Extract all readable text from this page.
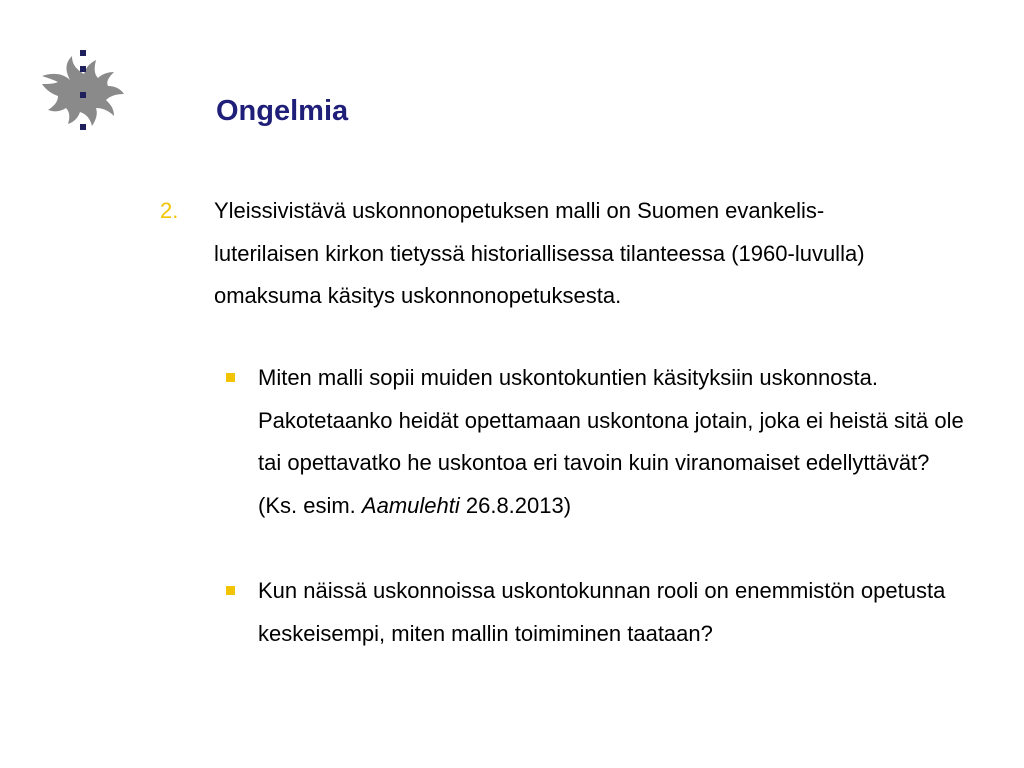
Ongelmia
2. Yleissivistävä uskonnonopetuksen malli on Suomen evankelis-luterilaisen kirkon tietyssä historiallisessa tilanteessa (1960-luvulla) omaksuma käsitys uskonnonopetuksesta.
Miten malli sopii muiden uskontokuntien käsityksiin uskonnosta. Pakotetaanko heidät opettamaan uskontona jotain, joka ei heistä sitä ole tai opettavatko he uskontoa eri tavoin kuin viranomaiset edellyttävät?
(Ks. esim. Aamulehti 26.8.2013)
Kun näissä uskonnoissa uskontokunnan rooli on enemmistön opetusta keskeisempi, miten mallin toimiminen taataan?
